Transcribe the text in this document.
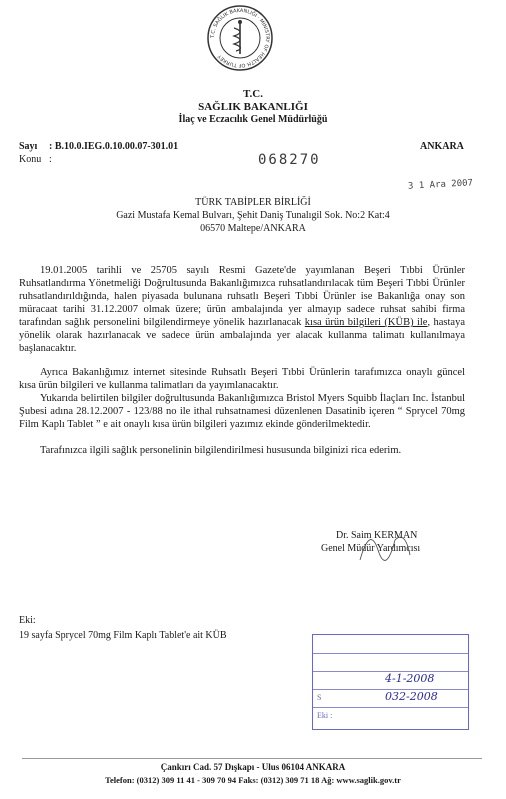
T.C. SAĞLIK BAKANLIĞI · MINISTRY OF HEALTH OF TURKEY
T.C.
SAĞLIK BAKANLIĞI
İlaç ve Eczacılık Genel Müdürlüğü
Sayı : B.10.0.IEG.0.10.00.07-301.01	ANKARA
Konu :	068270
3 1 Ara 2007
TÜRK TABİPLER BİRLİĞİ
Gazi Mustafa Kemal Bulvarı, Şehit Daniş Tunalıgil Sok. No:2 Kat:4
06570 Maltepe/ANKARA
19.01.2005 tarihli ve 25705 sayılı Resmi Gazete'de yayımlanan Beşeri Tıbbi Ürünler Ruhsatlandırma Yönetmeliği Doğrultusunda Bakanlığımızca ruhsatlandırılacak tüm Beşeri Tıbbi Ürünler ruhsatlandırıldığında, halen piyasada bulunana ruhsatlı Beşeri Tıbbi Ürünler ise Bakanlığa onay son müracaat tarihi 31.12.2007 olmak üzere; ürün ambalajında yer almayıp sadece ruhsat sahibi firma tarafından sağlık personelini bilgilendirmeye yönelik hazırlanacak kısa ürün bilgileri (KÜB) ile, hastaya yönelik olarak hazırlanacak ve sadece ürün ambalajında yer alacak kullanma talimatı kullanılmaya başlanacaktır.
Ayrıca Bakanlığımız internet sitesinde Ruhsatlı Beşeri Tıbbi Ürünlerin tarafımızca onaylı güncel kısa ürün bilgileri ve kullanma talimatları da yayımlanacaktır.
Yukarıda belirtilen bilgiler doğrultusunda Bakanlığımızca Bristol Myers Squibb İlaçları Inc. İstanbul Şubesi adına 28.12.2007 - 123/88 no ile ithal ruhsatnamesi düzenlenen Dasatinib içeren “ Sprycel 70mg Film Kaplı Tablet ” e ait onaylı kısa ürün bilgileri yazımız ekinde gönderilmektedir.
Tarafınızca ilgili sağlık personelinin bilgilendirilmesi hususunda bilginizi rica ederim.
Dr. Saim KERMAN
Genel Müdür Yardımcısı
Eki:
19 sayfa Sprycel 70mg Film Kaplı Tablet'e ait KÜB
4-1-2008
S	032-2008
Eki :
Çankırı Cad. 57 Dışkapı - Ulus 06104 ANKARA
Telefon: (0312) 309 11 41 - 309 70 94 Faks: (0312) 309 71 18 Ağ: www.saglik.gov.tr
